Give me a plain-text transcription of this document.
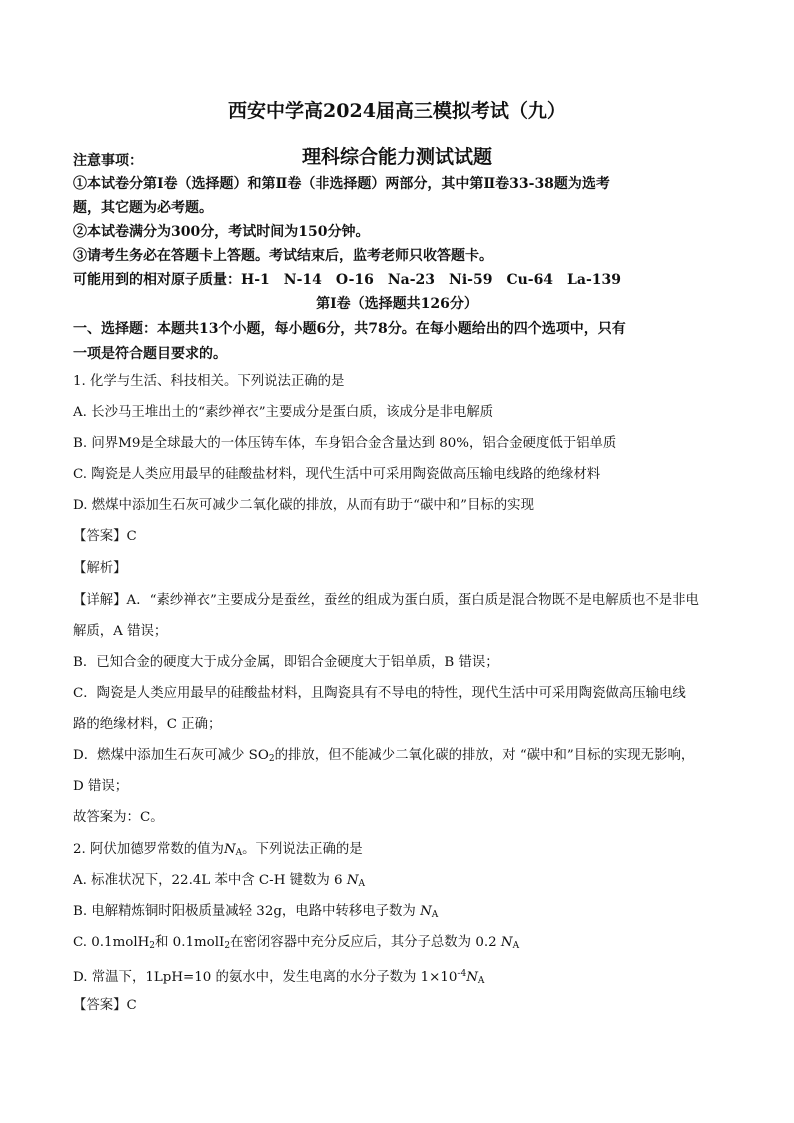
西安中学高2024届高三模拟考试（九）
理科综合能力测试试题
注意事项：
①本试卷分第Ⅰ卷（选择题）和第Ⅱ卷（非选择题）两部分，其中第Ⅱ卷33-38题为选考
题，其它题为必考题。
②本试卷满分为300分，考试时间为150分钟。
③请考生务必在答题卡上答题。考试结束后，监考老师只收答题卡。
可能用到的相对原子质量：H-1　N-14　O-16　Na-23　Ni-59　Cu-64　La-139
第Ⅰ卷（选择题共126分）
一、选择题：本题共13个小题，每小题6分，共78分。在每小题给出的四个选项中，只有
一项是符合题目要求的。
1. 化学与生活、科技相关。下列说法正确的是
A. 长沙马王堆出土的“素纱禅衣”主要成分是蛋白质，该成分是非电解质
B. 问界M9是全球最大的一体压铸车体，车身铝合金含量达到 80%，铝合金硬度低于铝单质
C. 陶瓷是人类应用最早的硅酸盐材料，现代生活中可采用陶瓷做高压输电线路的绝缘材料
D. 燃煤中添加生石灰可减少二氧化碳的排放，从而有助于“碳中和”目标的实现
【答案】C
【解析】
【详解】A．“素纱禅衣”主要成分是蚕丝，蚕丝的组成为蛋白质，蛋白质是混合物既不是电解质也不是非电
解质，A 错误；
B．已知合金的硬度大于成分金属，即铝合金硬度大于铝单质，B 错误；
C．陶瓷是人类应用最早的硅酸盐材料，且陶瓷具有不导电的特性，现代生活中可采用陶瓷做高压输电线
路的绝缘材料，C 正确；
D．燃煤中添加生石灰可减少 $SO_2$的排放，但不能减少二氧化碳的排放，对 “碳中和”目标的实现无影响，
D 错误；
故答案为：C。
2. 阿伏加德罗常数的值为$N_A$。下列说法正确的是
A. 标准状况下，22.4L 苯中含 C-H 键数为 6 $N_A$
B. 电解精炼铜时阳极质量减轻 32g，电路中转移电子数为 $N_A$
C. 0.1molH$_2$和 0.1molI$_2$在密闭容器中充分反应后，其分子总数为 0.2 $N_A$
D. 常温下，1LpH=10 的氨水中，发生电离的水分子数为 $1\times 10^{-4}N_A$
【答案】C
